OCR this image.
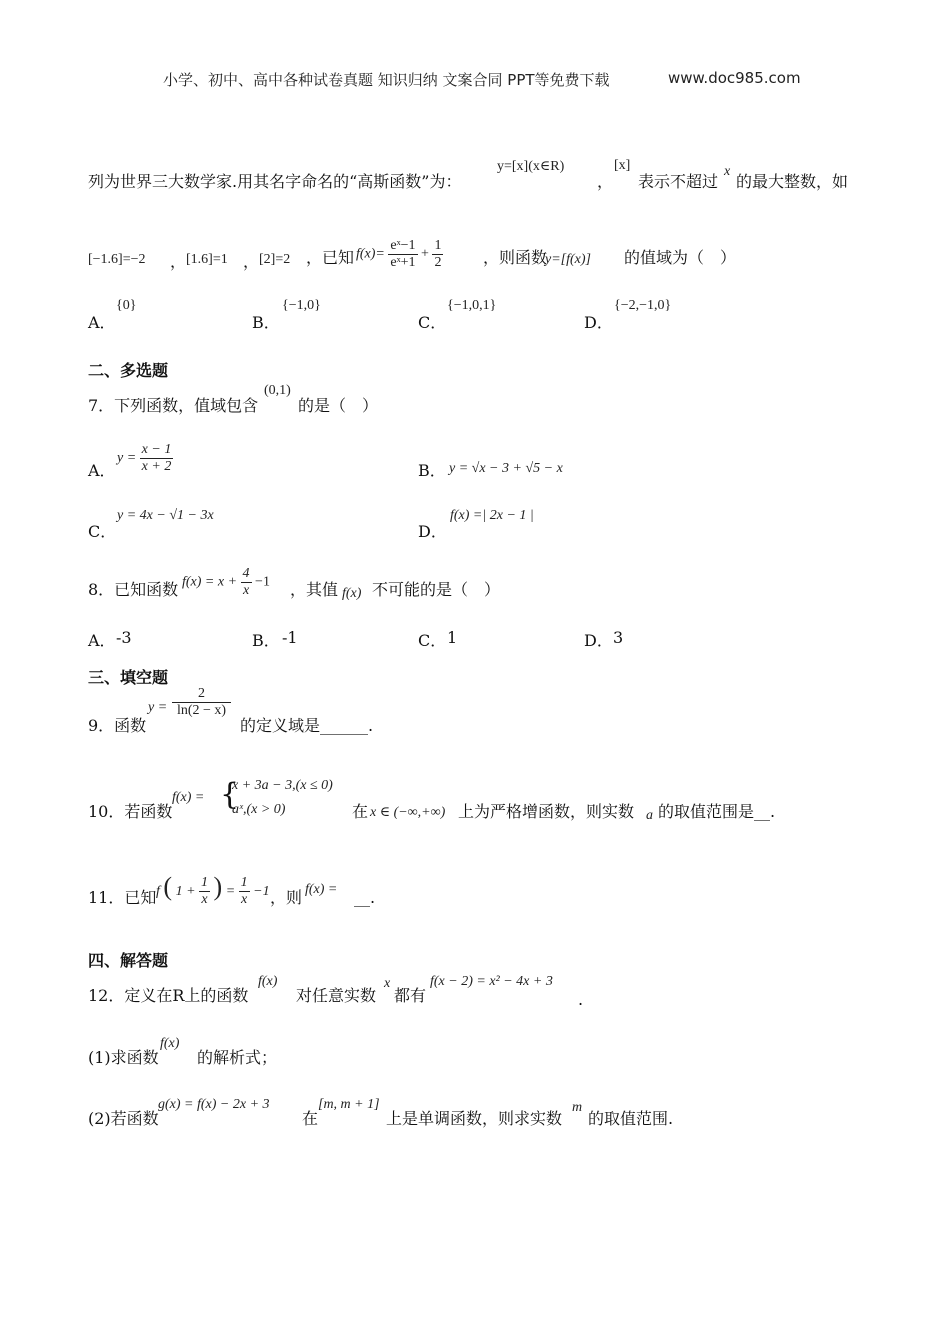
小学、初中、高中各种试卷真题 知识归纳 文案合同 PPT等免费下载	www.doc985.com
列为世界三大数学家.用其名字命名的“高斯函数”为：
y=[x](x∈R)
，
[x]
表示不超过
x
的最大整数，如
[−1.6]=−2 ， [1.6]=1 ， [2]=2 ，已知 $f(x)= \frac{\text{eˣ−1}}{\text{eˣ+1}} + \frac{1}{2}$ ，则函数
y=[f(x)] 的值域为（　）
A．
{0}
B．
{−1,0}
C．
{−1,0,1}
D．
{−2,−1,0}
二、多选题
7．下列函数，值域包含
(0,1)
的是（　）
A．
$y = \frac{x - 1}{x + 2}$	B． y = √x − 3 + √5 − x
C．
y = 4x − √1 − 3x
D．
f(x) =| 2x − 1 |
8．已知函数 $f(x) = x + \frac{4}{x} -1$ ，其值 f(x) 不可能的是（　）
A． -3	B． -1	C． 1	D． 3
三、填空题
9．函数
$y = \frac{2}{\ln(2 - x)}$
的定义域是______.
10．若函数
f(x) = {
x + 3a − 3,(x ≤ 0)
aˣ,(x > 0)	在 x ∈ (−∞,+∞) 上为严格增函数，则实数 a 的取值范围是__.
11．已知 f ( $1 + \frac{1}{x}$ ) = $\frac{1}{x} -1$ ，则 f(x) = __.
四、解答题
12．定义在R上的函数
f(x)
对任意实数
x
都有
f(x − 2) = x² − 4x + 3
.
(1)求函数
f(x)
的解析式；
(2)若函数
g(x) = f(x) − 2x + 3
在
[m, m + 1]
上是单调函数，则求实数
m
的取值范围.
